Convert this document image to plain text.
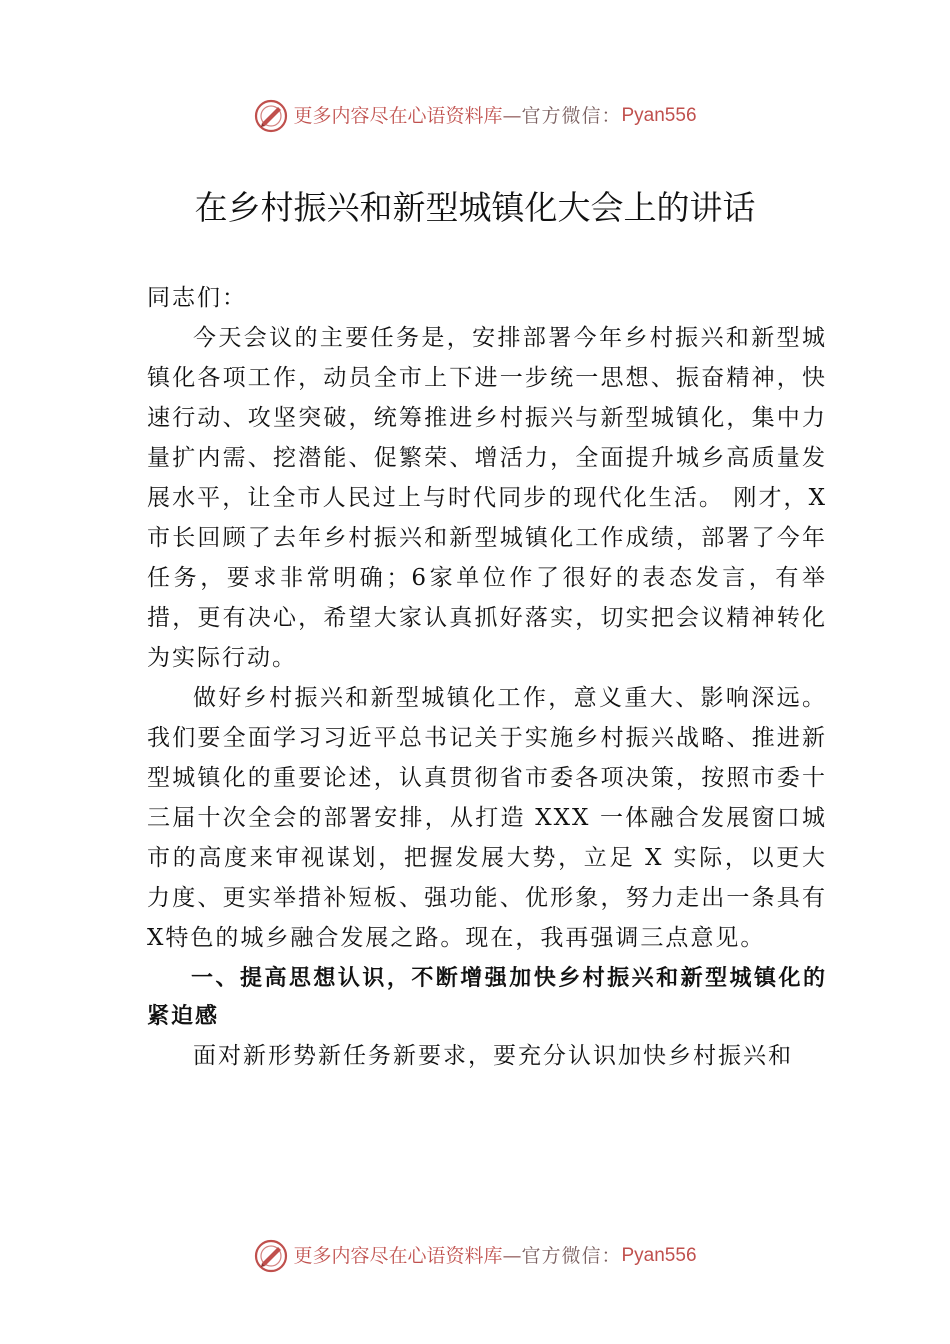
更多内容尽在心语资料库 — 官方微信： Pyan556
在乡村振兴和新型城镇化大会上的讲话

同志们：

今天会议的主要任务是，安排部署今年乡村振兴和新型城镇化各项工作，动员全市上下进一步统一思想、振奋精神，快速行动、攻坚突破，统筹推进乡村振兴与新型城镇化，集中力量扩内需、挖潜能、促繁荣、增活力，全面提升城乡高质量发展水平，让全市人民过上与时代同步的现代化生活。 刚才，X市长回顾了去年乡村振兴和新型城镇化工作成绩，部署了今年任务，要求非常明确；6家单位作了很好的表态发言，有举措，更有决心，希望大家认真抓好落实，切实把会议精神转化为实际行动。

做好乡村振兴和新型城镇化工作，意义重大、影响深远。我们要全面学习习近平总书记关于实施乡村振兴战略、推进新型城镇化的重要论述，认真贯彻省市委各项决策，按照市委十三届十次全会的部署安排，从打造 XXX 一体融合发展窗口城市的高度来审视谋划，把握发展大势，立足 X 实际，以更大力度、更实举措补短板、强功能、优形象，努力走出一条具有X特色的城乡融合发展之路。现在，我再强调三点意见。

一、提高思想认识，不断增强加快乡村振兴和新型城镇化的紧迫感

面对新形势新任务新要求，要充分认识加快乡村振兴和

更多内容尽在心语资料库 — 官方微信： Pyan556
